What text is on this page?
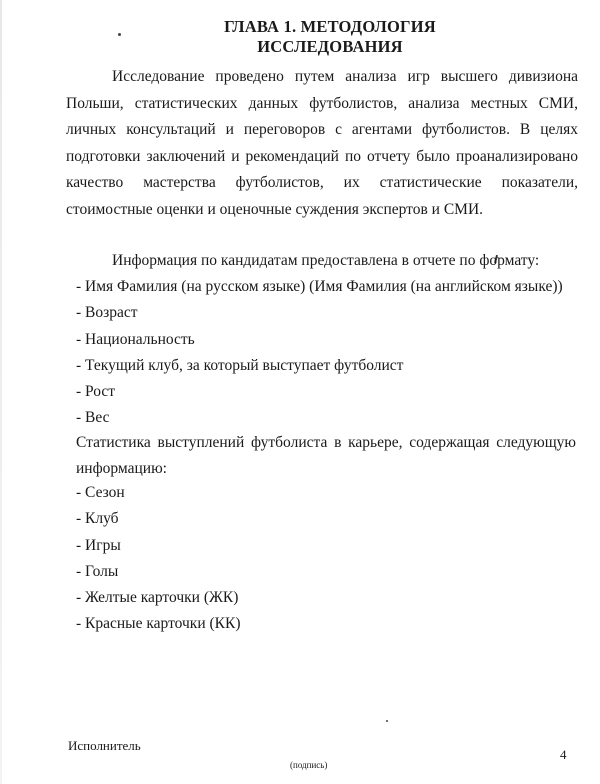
ГЛАВА 1. МЕТОДОЛОГИЯ ИССЛЕДОВАНИЯ
Исследование проведено путем анализа игр высшего дивизиона Польши, статистических данных футболистов, анализа местных СМИ, личных консультаций и переговоров с агентами футболистов. В целях подготовки заключений и рекомендаций по отчету было проанализировано качество мастерства футболистов, их статистические показатели, стоимостные оценки и оценочные суждения экспертов и СМИ.
Информация по кандидатам предоставлена в отчете по формату:
- Имя Фамилия (на русском языке) (Имя Фамилия (на английском языке))
- Возраст
- Национальность
- Текущий клуб, за который выступает футболист
- Рост
- Вес
Статистика выступлений футболиста в карьере, содержащая следующую информацию:
- Сезон
- Клуб
- Игры
- Голы
- Желтые карточки (ЖК)
- Красные карточки (КК)
Исполнитель
(подпись)
4
